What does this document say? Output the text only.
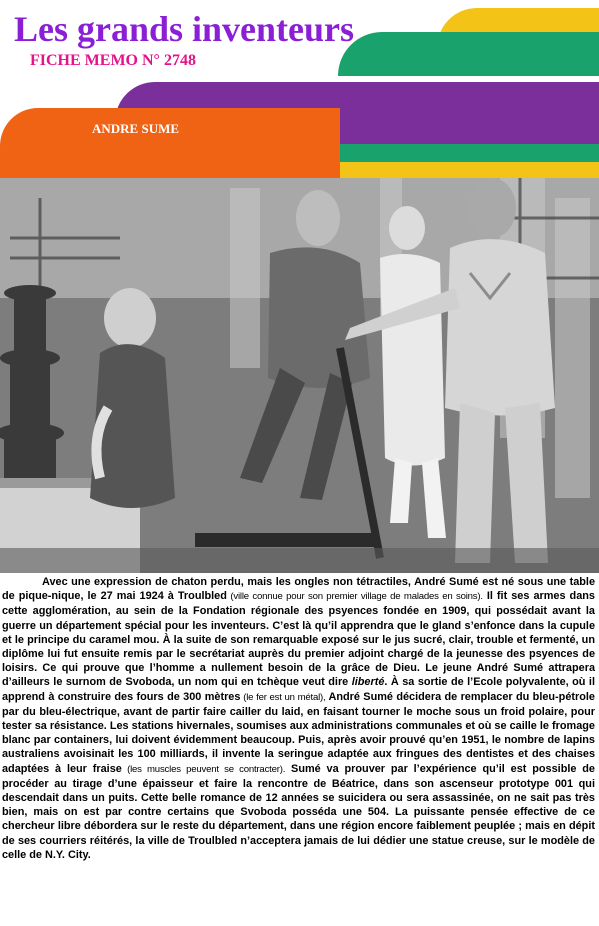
Les grands inventeurs
FICHE MEMO N° 2748
ANDRE SUME

Avec une expression de chaton perdu, mais les ongles non tétractiles, André Sumé est né sous une table de pique-nique, le 27 mai 1924 à Troulbled (ville connue pour son premier village de malades en soins). Il fit ses armes dans cette agglomération, au sein de la Fondation régionale des psyences fondée en 1909, qui possédait avant la guerre un département spécial pour les inventeurs. C’est là qu’il apprendra que le gland s’enfonce dans la cupule et le principe du caramel mou. À la suite de son remarquable exposé sur le jus sucré, clair, trouble et fermenté, un diplôme lui fut ensuite remis par le secrétariat auprès du premier adjoint chargé de la jeunesse des psyences de loisirs. Ce qui prouve que l’homme a nullement besoin de la grâce de Dieu. Le jeune André Sumé attrapera d’ailleurs le surnom de Svoboda, un nom qui en tchèque veut dire liberté. À sa sortie de l’Ecole polyvalente, où il apprend à construire des fours de 300 mètres (le fer est un métal), André Sumé décidera de remplacer du bleu-pétrole par du bleu-électrique, avant de partir faire cailler du laid, en faisant tourner le moche sous un froid polaire, pour tester sa résistance. Les stations hivernales, soumises aux administrations communales et où se caille le fromage blanc par containers, lui doivent évidemment beaucoup. Puis, après avoir prouvé qu’en 1951, le nombre de lapins australiens avoisinait les 100 milliards, il invente la seringue adaptée aux fringues des dentistes et des chaises adaptées à leur fraise (les muscles peuvent se contracter). Sumé va prouver par l’expérience qu’il est possible de procéder au tirage d’une épaisseur et faire la rencontre de Béatrice, dans son ascenseur prototype 001 qui descendait dans un puits. Cette belle romance de 12 années se suicidera ou sera assassinée, on ne sait pas très bien, mais on est par contre certains que Svoboda posséda une 504. La puissante pensée effective de ce chercheur libre débordera sur le reste du département, dans une région encore faiblement peuplée ; mais en dépit de ses courriers réitérés, la ville de Troulbled n’acceptera jamais de lui dédier une statue creuse, sur le modèle de celle de N.Y. City.
